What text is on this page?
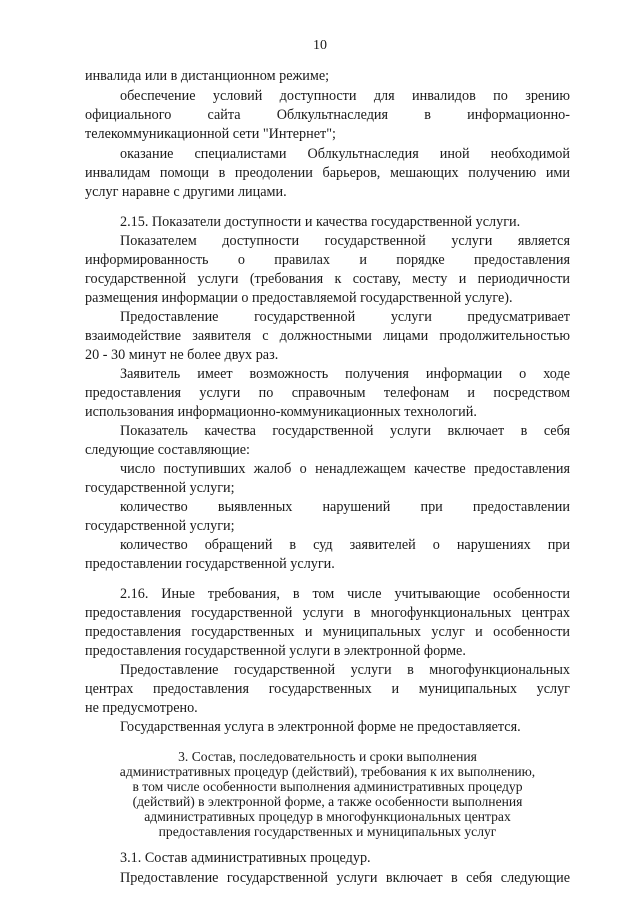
10
инвалида или в дистанционном режиме;
обеспечение условий доступности для инвалидов по зрению
официального сайта Облкультнаследия в информационно-
телекоммуникационной сети "Интернет";
оказание специалистами Облкультнаследия иной необходимой
инвалидам помощи в преодолении барьеров, мешающих получению ими
услуг наравне с другими лицами.
2.15. Показатели доступности и качества государственной услуги.
Показателем доступности государственной услуги является
информированность о правилах и порядке предоставления
государственной услуги (требования к составу, месту и периодичности
размещения информации о предоставляемой государственной услуге).
Предоставление государственной услуги предусматривает
взаимодействие заявителя с должностными лицами продолжительностью
20 - 30 минут не более двух раз.
Заявитель имеет возможность получения информации о ходе
предоставления услуги по справочным телефонам и посредством
использования информационно-коммуникационных технологий.
Показатель качества государственной услуги включает в себя
следующие составляющие:
число поступивших жалоб о ненадлежащем качестве предоставления
государственной услуги;
количество выявленных нарушений при предоставлении
государственной услуги;
количество обращений в суд заявителей о нарушениях при
предоставлении государственной услуги.
2.16. Иные требования, в том числе учитывающие особенности
предоставления государственной услуги в многофункциональных центрах
предоставления государственных и муниципальных услуг и особенности
предоставления государственной услуги в электронной форме.
Предоставление государственной услуги в многофункциональных
центрах предоставления государственных и муниципальных услуг
не предусмотрено.
Государственная услуга в электронной форме не предоставляется.
3. Состав, последовательность и сроки выполнения
административных процедур (действий), требования к их выполнению,
в том числе особенности выполнения административных процедур
(действий) в электронной форме, а также особенности выполнения
административных процедур в многофункциональных центрах
предоставления государственных и муниципальных услуг
3.1. Состав административных процедур.
Предоставление государственной услуги включает в себя следующие
